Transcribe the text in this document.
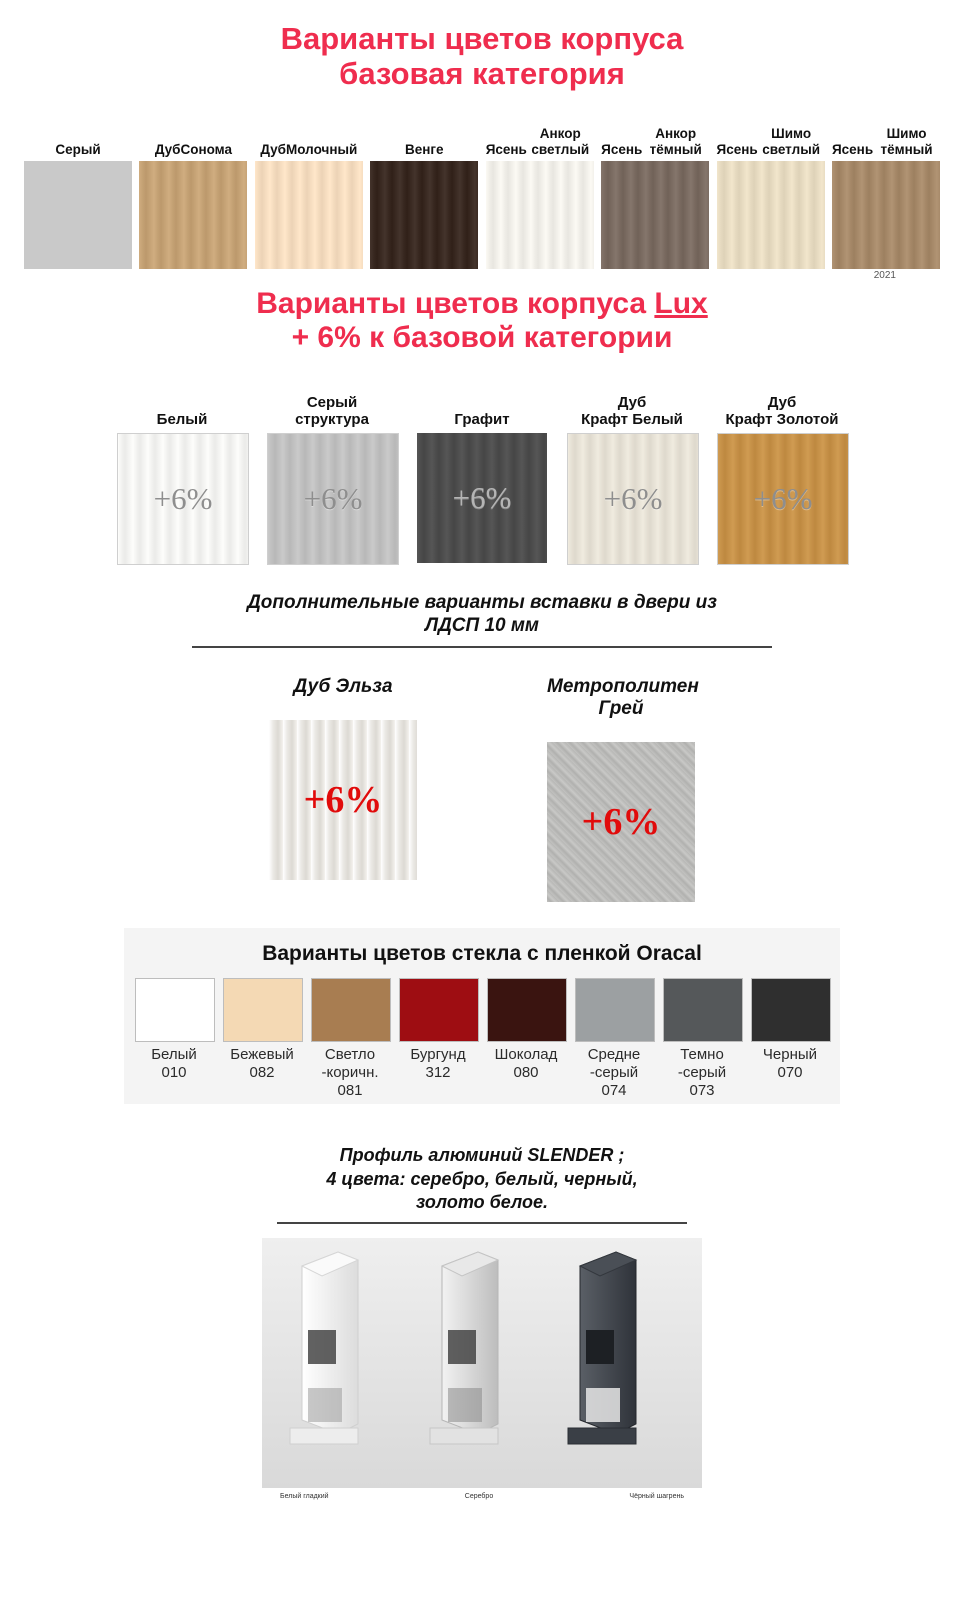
Варианты цветов корпуса
базовая категория
Серый	Дуб Сонома Дуб Молочный	Венге	Ясень

Анкор светлый Ясень

Анкор тёмный	Ясень

Шимо светлый Ясень

Шимо тёмный
2021
Варианты цветов корпуса Lux
+ 6% к базовой категории
Белый
+6%
Серый
структура
+6%
Графит
+6%
Дуб
Крафт Белый
+6%
Дуб
Крафт Золотой
+6%
Дополнительные варианты вставки в двери из
ЛДСП 10 мм
Дуб Эльза
+6%
Метрополитен Грей
+6%
Варианты цветов стекла с пленкой Oracal
Белый
010
Бежевый
082
Светло
-коричн.
081
Бургунд
312
Шоколад
080
Средне
-серый
074
Темно
-серый
073
Черный
070
Профиль алюминий SLENDER ;
4 цвета: серебро, белый, черный,
золото белое.
Белый гладкий	Серебро	Чёрный шагрень
